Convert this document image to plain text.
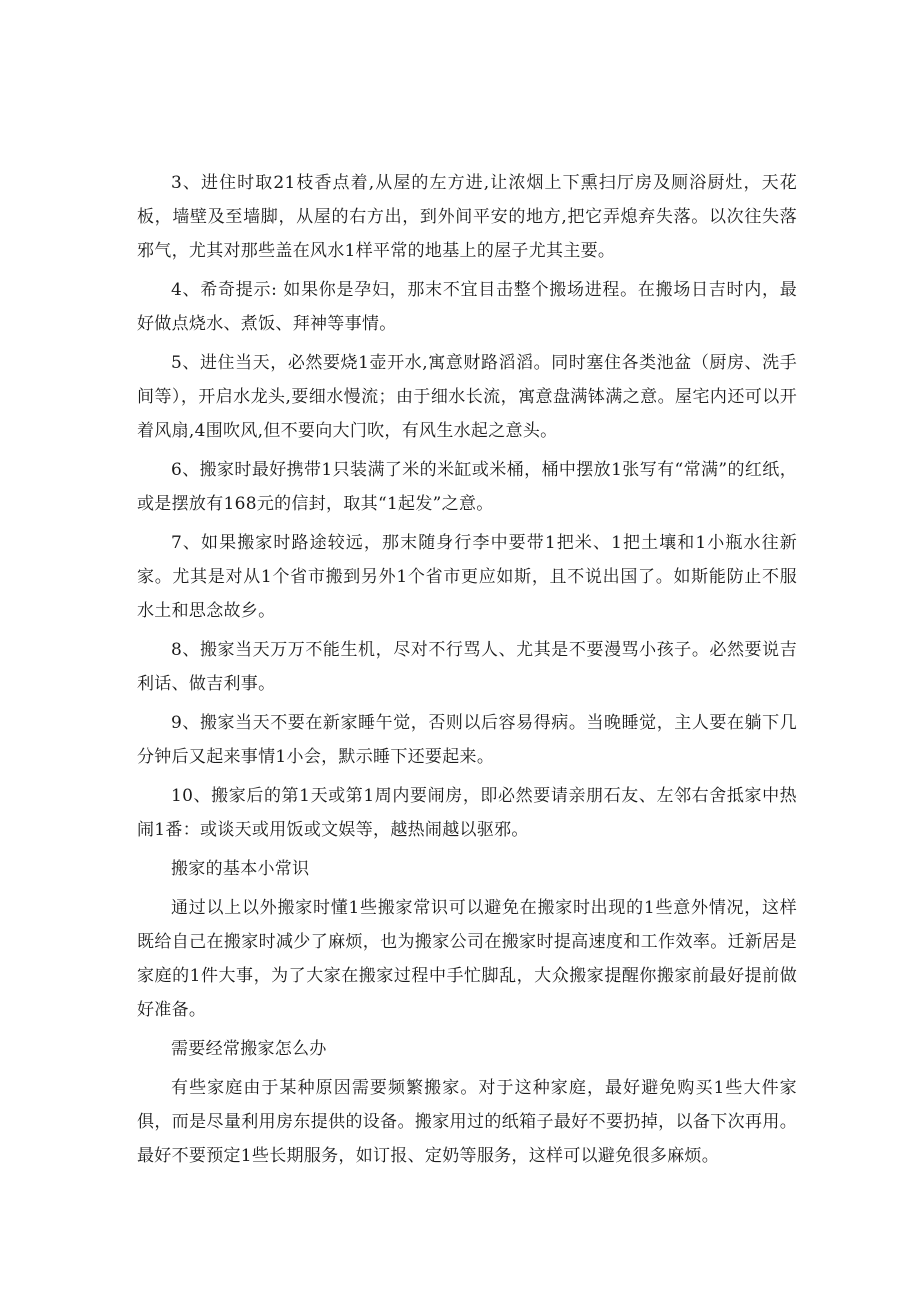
3、进住时取21枝香点着,从屋的左方进,让浓烟上下熏扫厅房及厕浴厨灶，天花板，墙壁及至墙脚，从屋的右方出，到外间平安的地方,把它弄熄弃失落。以次往失落邪气，尤其对那些盖在风水1样平常的地基上的屋子尤其主要。

4、希奇提示: 如果你是孕妇，那末不宜目击整个搬场进程。在搬场日吉时内，最好做点烧水、煮饭、拜神等事情。

5、进住当天，必然要烧1壶开水,寓意财路滔滔。同时塞住各类池盆（厨房、洗手间等），开启水龙头,要细水慢流；由于细水长流，寓意盘满钵满之意。屋宅内还可以开着风扇,4围吹风,但不要向大门吹，有风生水起之意头。

6、搬家时最好携带1只装满了米的米缸或米桶，桶中摆放1张写有“常满”的红纸，或是摆放有168元的信封，取其“1起发”之意。

7、如果搬家时路途较远，那末随身行李中要带1把米、1把土壤和1小瓶水往新家。尤其是对从1个省市搬到另外1个省市更应如斯，且不说出国了。如斯能防止不服水土和思念故乡。

8、搬家当天万万不能生机，尽对不行骂人、尤其是不要漫骂小孩子。必然要说吉利话、做吉利事。

9、搬家当天不要在新家睡午觉，否则以后容易得病。当晚睡觉，主人要在躺下几分钟后又起来事情1小会，默示睡下还要起来。

10、搬家后的第1天或第1周内要闹房，即必然要请亲朋石友、左邻右舍抵家中热闹1番：或谈天或用饭或文娱等，越热闹越以驱邪。

搬家的基本小常识

通过以上以外搬家时懂1些搬家常识可以避免在搬家时出现的1些意外情况，这样既给自己在搬家时减少了麻烦，也为搬家公司在搬家时提高速度和工作效率。迁新居是家庭的1件大事，为了大家在搬家过程中手忙脚乱，大众搬家提醒你搬家前最好提前做好准备。

需要经常搬家怎么办

有些家庭由于某种原因需要频繁搬家。对于这种家庭，最好避免购买1些大件家俱，而是尽量利用房东提供的设备。搬家用过的纸箱子最好不要扔掉，以备下次再用。最好不要预定1些长期服务，如订报、定奶等服务，这样可以避免很多麻烦。
